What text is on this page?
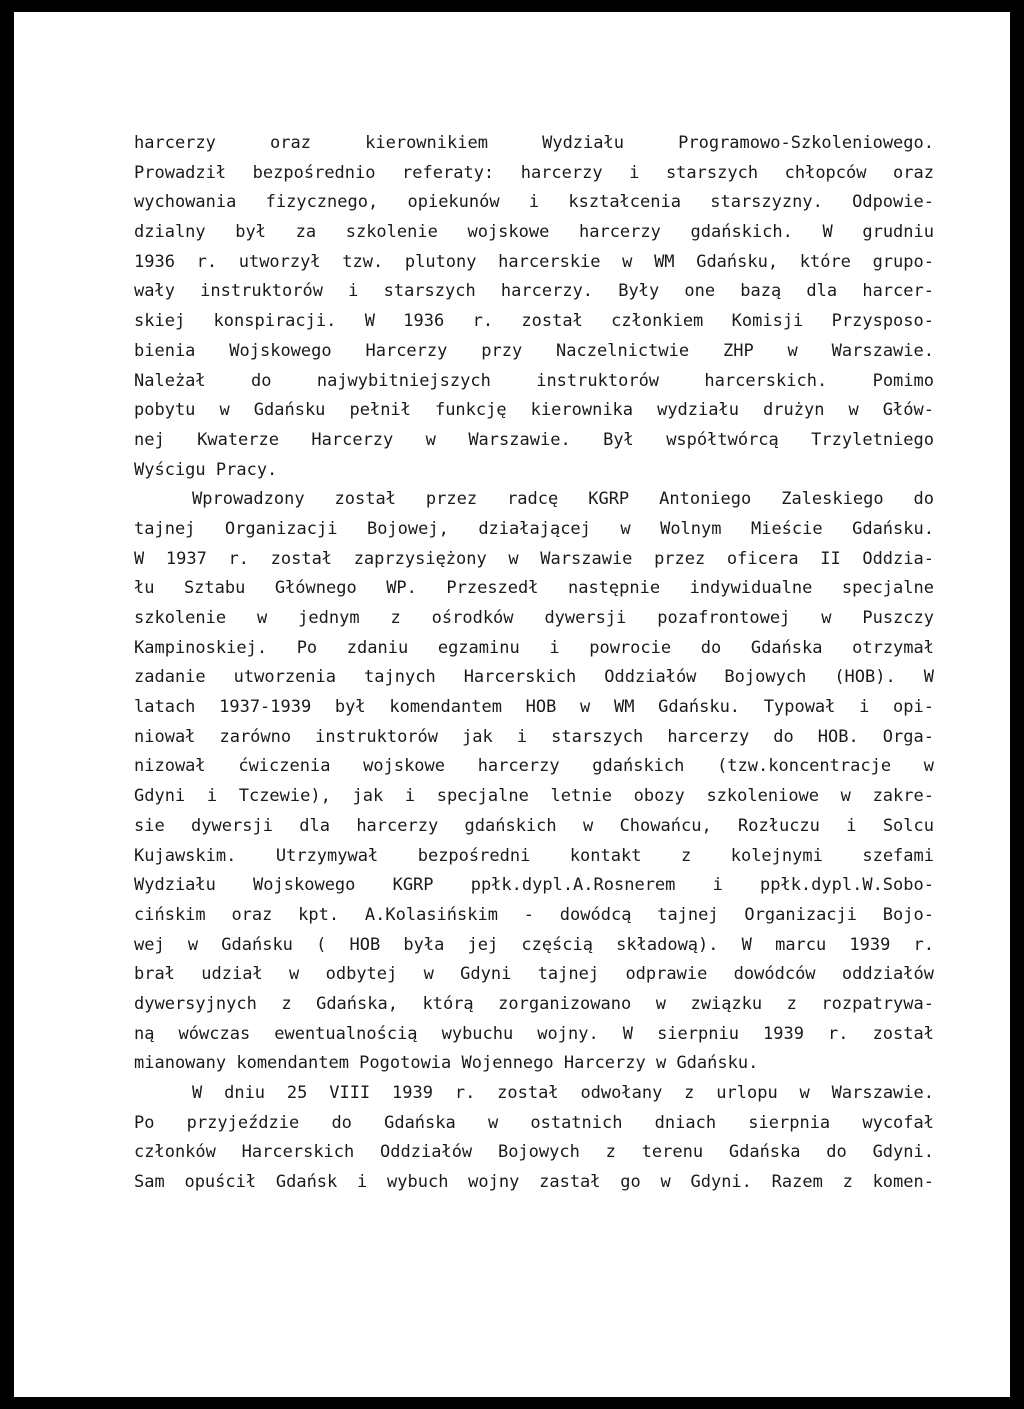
harcerzy oraz kierownikiem Wydziału Programowo-Szkoleniowego.
Prowadził bezpośrednio referaty: harcerzy i starszych chłopców oraz
wychowania fizycznego, opiekunów i kształcenia starszyzny. Odpowie-
dzialny był za szkolenie wojskowe harcerzy gdańskich. W grudniu
1936 r. utworzył tzw. plutony harcerskie w WM Gdańsku, które grupo-
wały instruktorów i starszych harcerzy. Były one bazą dla harcer-
skiej konspiracji. W 1936 r. został członkiem Komisji Przysposo-
bienia Wojskowego Harcerzy przy Naczelnictwie ZHP w Warszawie.
Należał do najwybitniejszych instruktorów harcerskich. Pomimo
pobytu w Gdańsku pełnił funkcję kierownika wydziału drużyn w Głów-
nej Kwaterze Harcerzy w Warszawie. Był współtwórcą Trzyletniego
Wyścigu Pracy.
Wprowadzony został przez radcę KGRP Antoniego Zaleskiego do
tajnej Organizacji Bojowej, działającej w Wolnym Mieście Gdańsku.
W 1937 r. został zaprzysiężony w Warszawie przez oficera II Oddzia-
łu Sztabu Głównego WP. Przeszedł następnie indywidualne specjalne
szkolenie w jednym z ośrodków dywersji pozafrontowej w Puszczy
Kampinoskiej. Po zdaniu egzaminu i powrocie do Gdańska otrzymał
zadanie utworzenia tajnych Harcerskich Oddziałów Bojowych (HOB). W
latach 1937-1939 był komendantem HOB w WM Gdańsku. Typował i opi-
niował zarówno instruktorów jak i starszych harcerzy do HOB. Orga-
nizował ćwiczenia wojskowe harcerzy gdańskich (tzw.koncentracje w
Gdyni i Tczewie), jak i specjalne letnie obozy szkoleniowe w zakre-
sie dywersji dla harcerzy gdańskich w Chowańcu, Rozłuczu i Solcu
Kujawskim. Utrzymywał bezpośredni kontakt z kolejnymi szefami
Wydziału Wojskowego KGRP ppłk.dypl.A.Rosnerem i ppłk.dypl.W.Sobo-
cińskim oraz kpt. A.Kolasińskim - dowódcą tajnej Organizacji Bojo-
wej w Gdańsku ( HOB była jej częścią składową). W marcu 1939 r.
brał udział w odbytej w Gdyni tajnej odprawie dowódców oddziałów
dywersyjnych z Gdańska, którą zorganizowano w związku z rozpatrywa-
ną wówczas ewentualnością wybuchu wojny. W sierpniu 1939 r. został
mianowany komendantem Pogotowia Wojennego Harcerzy w Gdańsku.
W dniu 25 VIII 1939 r. został odwołany z urlopu w Warszawie.
Po przyjeździe do Gdańska w ostatnich dniach sierpnia wycofał
członków Harcerskich Oddziałów Bojowych z terenu Gdańska do Gdyni.
Sam opuścił Gdańsk i wybuch wojny zastał go w Gdyni. Razem z komen-
